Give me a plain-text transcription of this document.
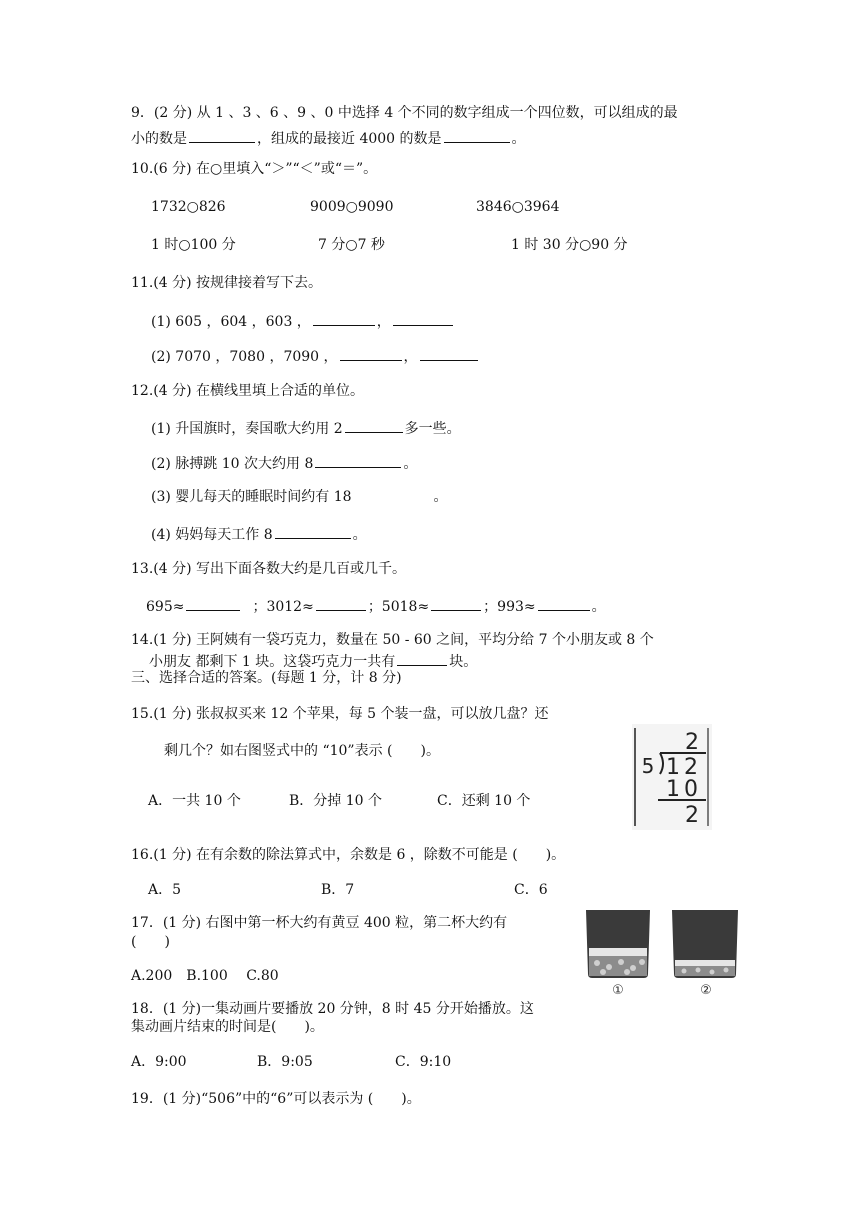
9．(2 分) 从 1 、3 、6 、9 、0 中选择 4 个不同的数字组成一个四位数，可以组成的最
小的数是	，组成的最接近 4000 的数是	。
10.(6 分) 在○里填入“＞”“＜”或“＝”。
1732○826	9009○9090	3846○3964
1 时○100 分	7 分○7 秒	1 时 30 分○90 分
11.(4 分) 按规律接着写下去。
(1) 605 ，604 ，603 ，	，
(2) 7070 ，7080 ，7090 ，	，
12.(4 分) 在横线里填上合适的单位。
(1) 升国旗时，奏国歌大约用 2	多一些。
(2) 脉搏跳 10 次大约用 8	。
(3) 婴儿每天的睡眠时间约有 18	。
(4) 妈妈每天工作 8	。
13.(4 分) 写出下面各数大约是几百或几千。
695≈	；3012≈	；5018≈	；993≈	。
14.(1 分) 王阿姨有一袋巧克力，数量在 50 - 60 之间，平均分给 7 个小朋友或 8 个
小朋友 都剩下 1 块。这袋巧克力一共有	块。
三、选择合适的答案。(每题 1 分，计 8 分)
15.(1 分) 张叔叔买来 12 个苹果，每 5 个装一盘，可以放几盘？还
剩几个？如右图竖式中的 “10”表示 (　　)。
A．一共 10 个	B．分掉 10 个	C．还剩 10 个
2
5 12
10
2
16.(1 分) 在有余数的除法算式中，余数是 6 ，除数不可能是 (　　)。
A．5	B．7	C．6
17．(1 分) 右图中第一杯大约有黄豆 400 粒，第二杯大约有
(　　)
A.200　B.100　 C.80
①	②
18．(1 分)一集动画片要播放 20 分钟，8 时 45 分开始播放。这
集动画片结束的时间是(　　)。
A．9:00	B．9:05	C．9:10
19．(1 分)“506”中的“6”可以表示为 (　　)。
